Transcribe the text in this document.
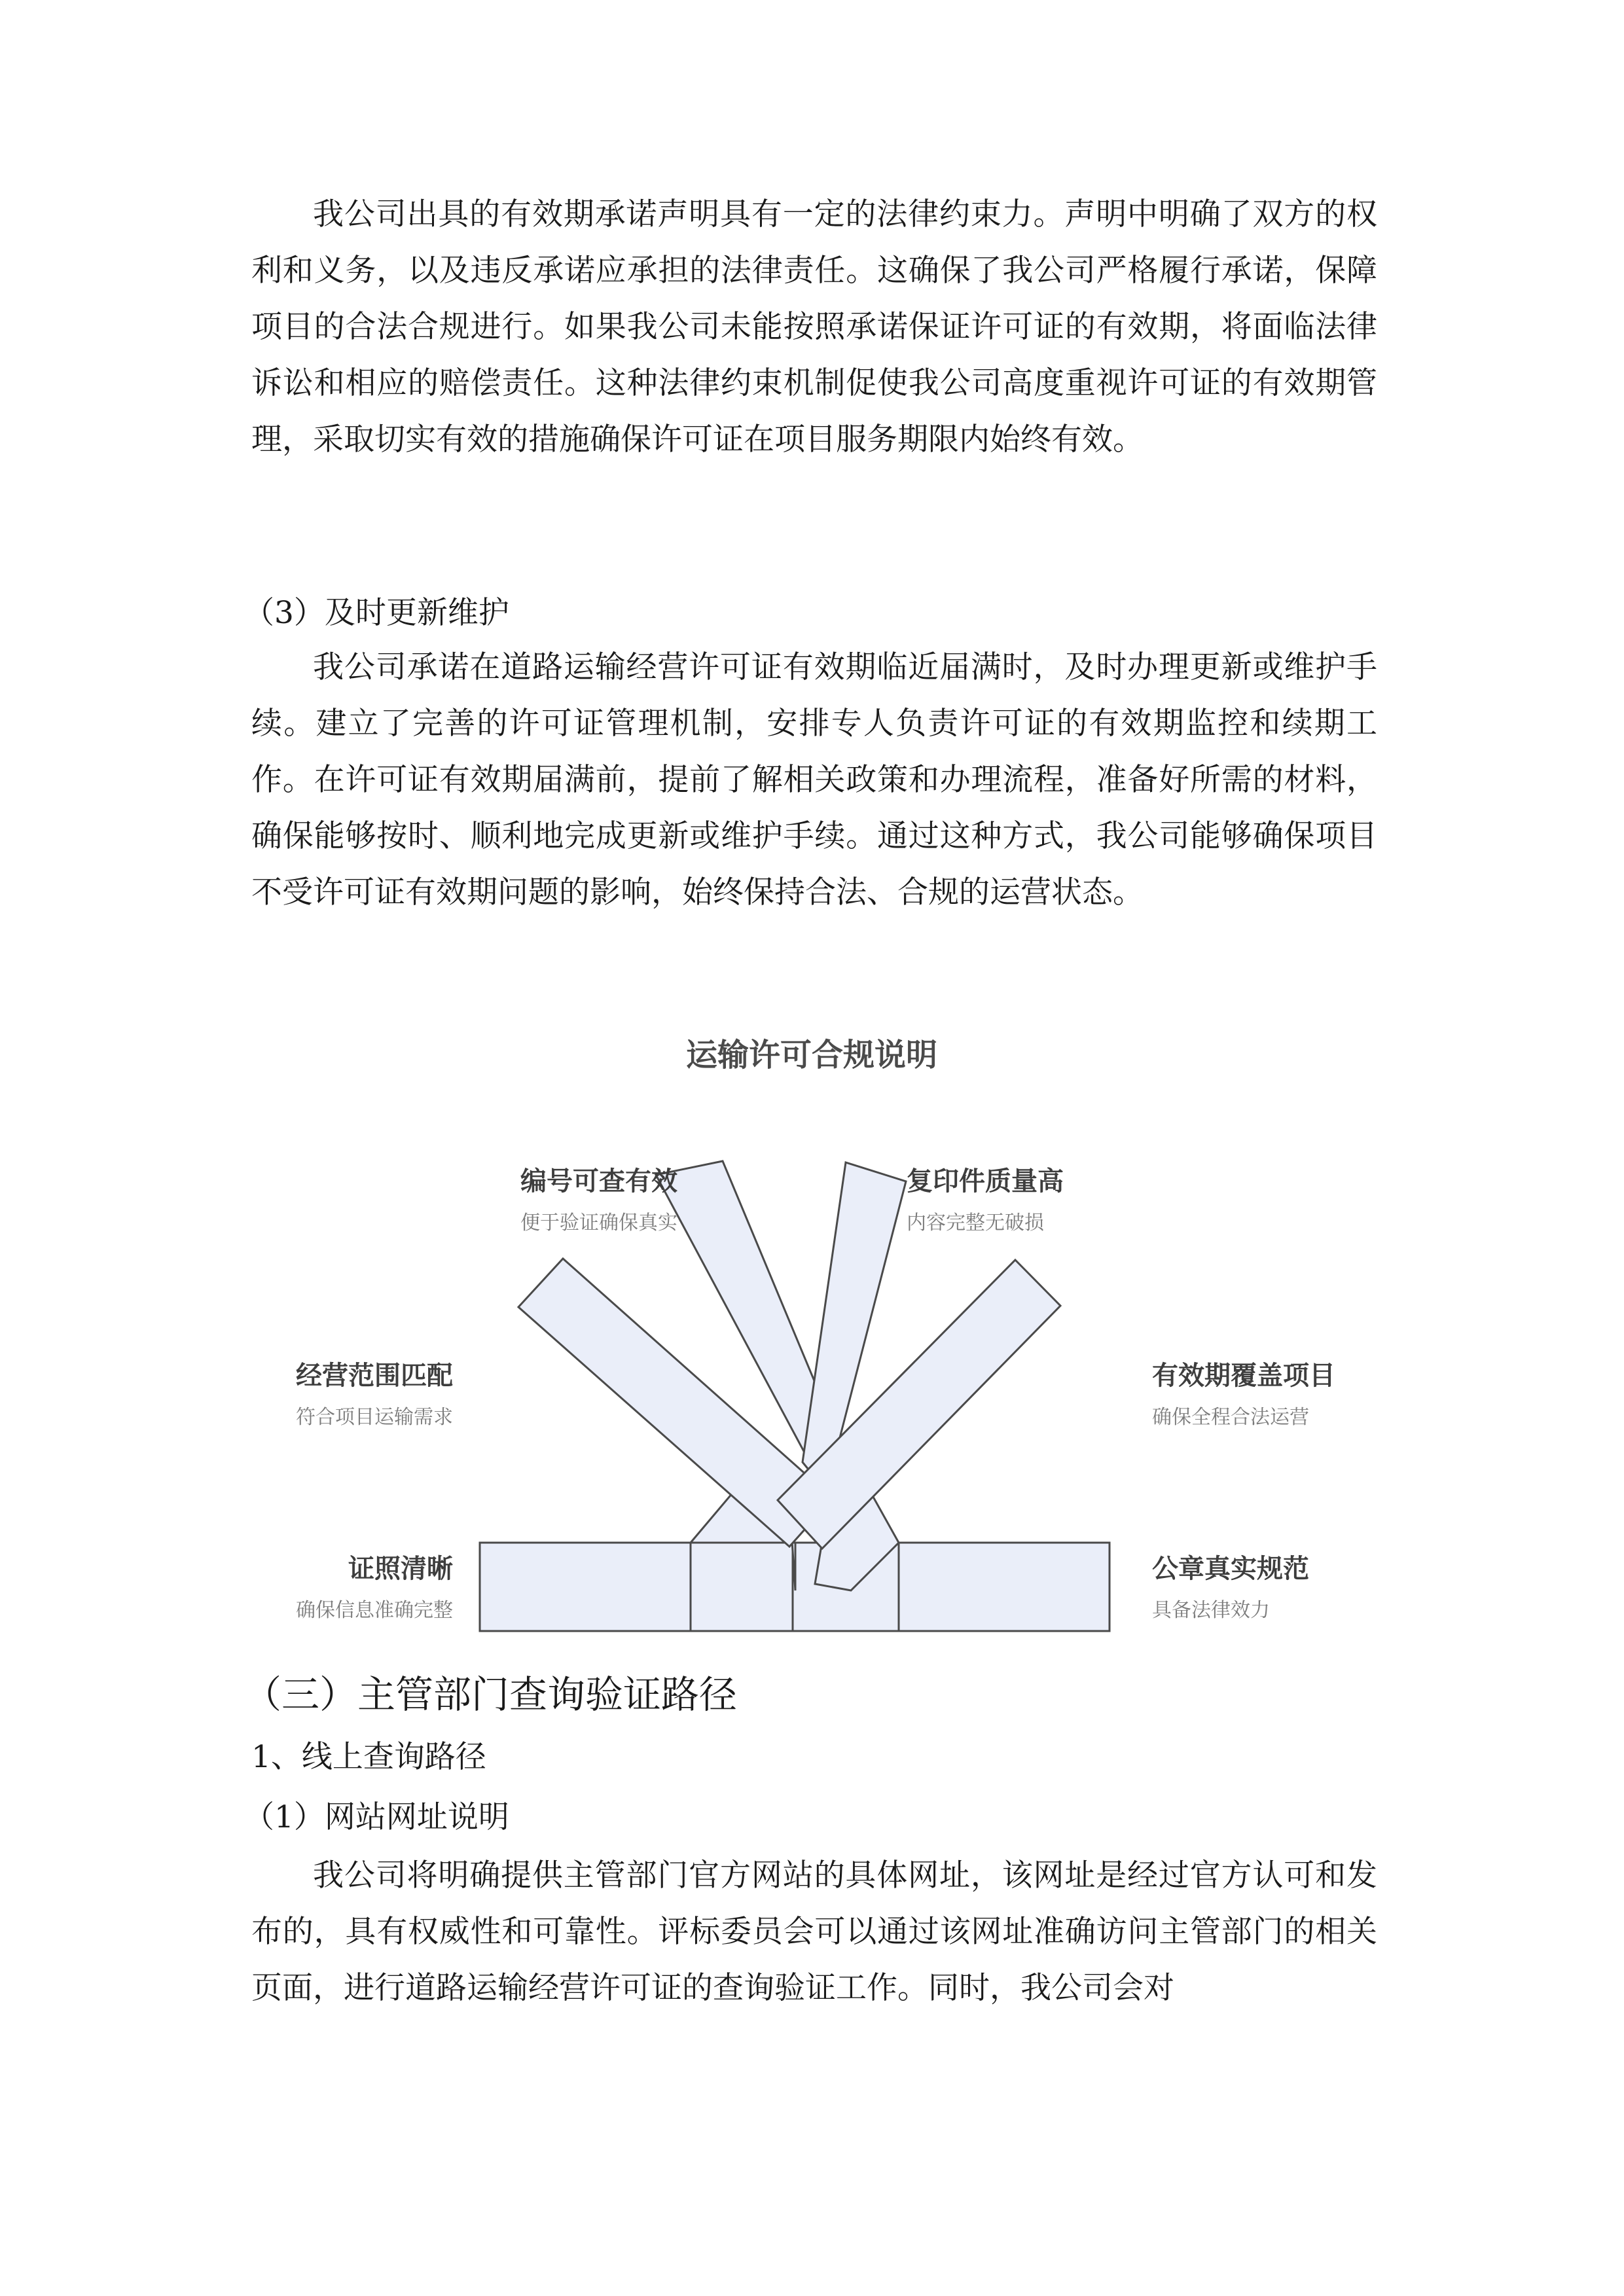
我公司出具的有效期承诺声明具有一定的法律约束力。声明中明确了双方的权利和义务，以及违反承诺应承担的法律责任。这确保了我公司严格履行承诺，保障项目的合法合规进行。如果我公司未能按照承诺保证许可证的有效期，将面临法律诉讼和相应的赔偿责任。这种法律约束机制促使我公司高度重视许可证的有效期管理，采取切实有效的措施确保许可证在项目服务期限内始终有效。

（3）及时更新维护

我公司承诺在道路运输经营许可证有效期临近届满时，及时办理更新或维护手续。建立了完善的许可证管理机制，安排专人负责许可证的有效期监控和续期工作。在许可证有效期届满前，提前了解相关政策和办理流程，准备好所需的材料，确保能够按时、顺利地完成更新或维护手续。通过这种方式，我公司能够确保项目不受许可证有效期问题的影响，始终保持合法、合规的运营状态。

运输许可合规说明
证照清晰
确保信息准确完整
经营范围匹配
符合项目运输需求
编号可查有效
便于验证确保真实
复印件质量高
内容完整无破损
有效期覆盖项目
确保全程合法运营
公章真实规范
具备法律效力
（三）主管部门查询验证路径

1、线上查询路径

（1）网站网址说明

我公司将明确提供主管部门官方网站的具体网址，该网址是经过官方认可和发布的，具有权威性和可靠性。评标委员会可以通过该网址准确访问主管部门的相关页面，进行道路运输经营许可证的查询验证工作。同时，我公司会对
